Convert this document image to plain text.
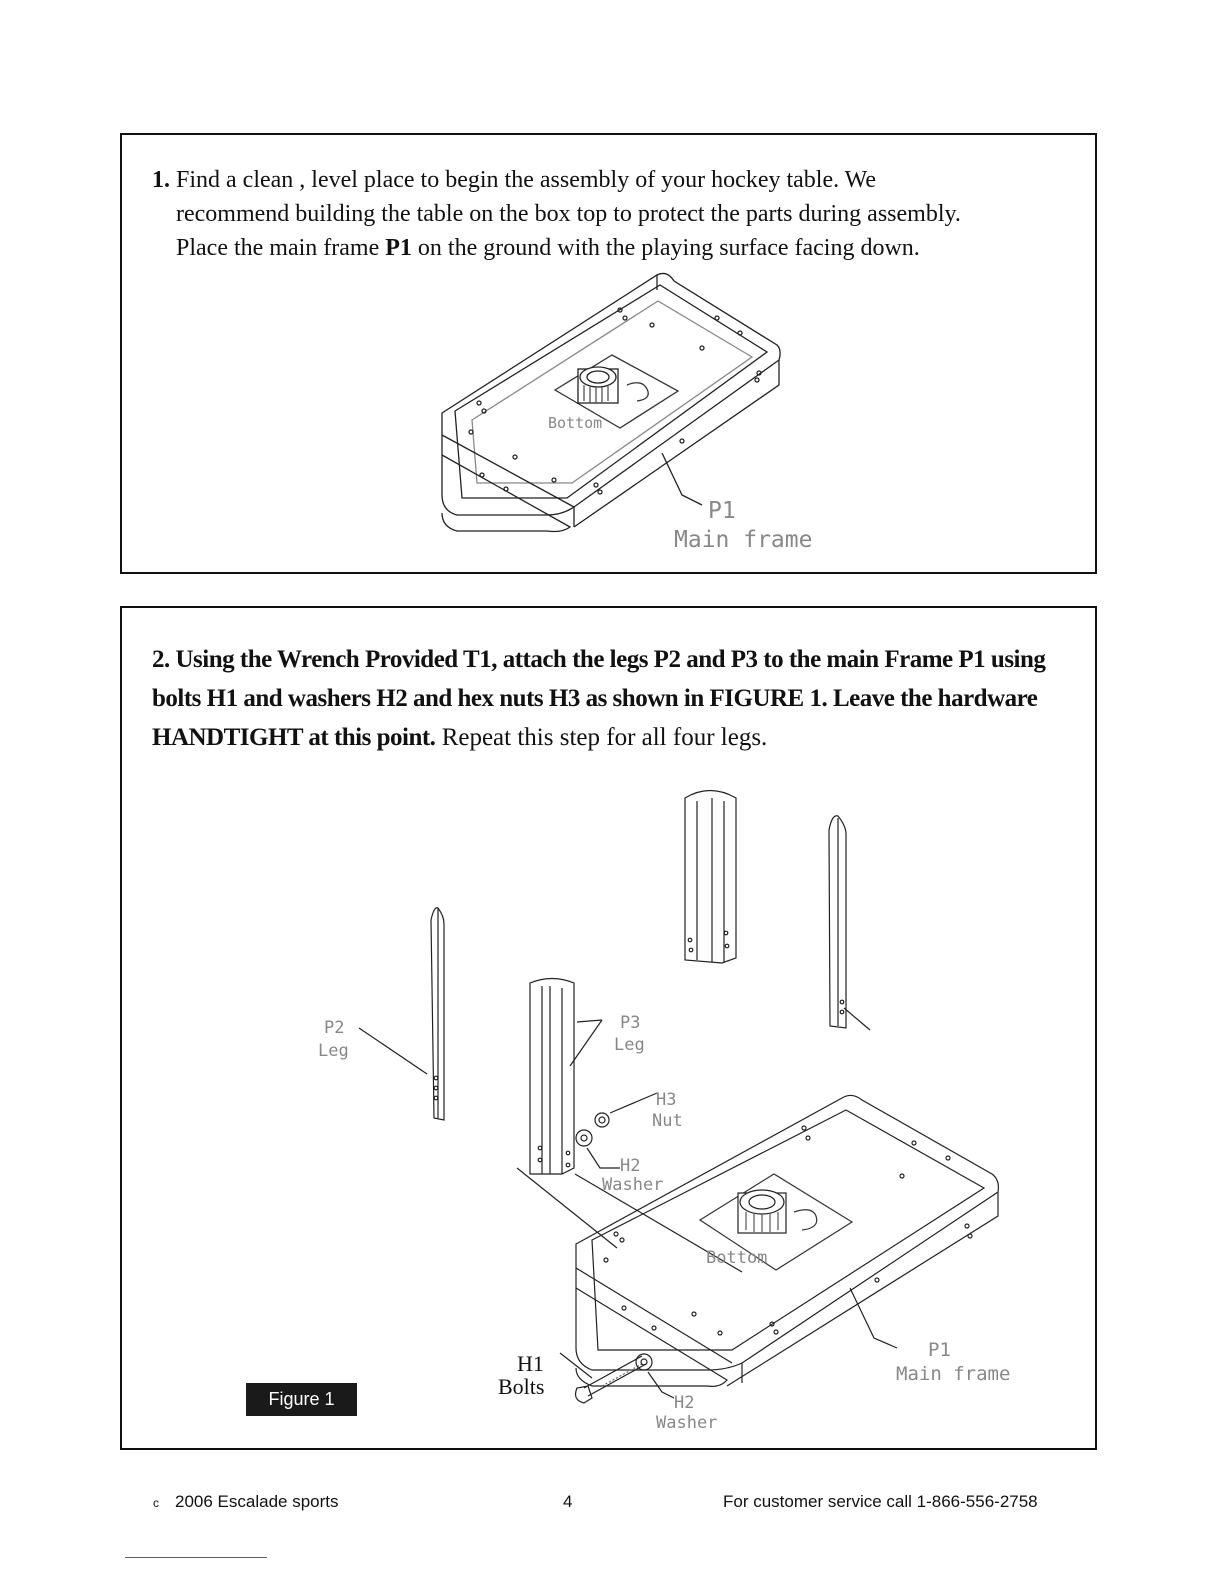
1. Find a clean , level place to begin the assembly of your hockey table. We
recommend building the table on the box top to protect the parts during assembly.
Place the main frame P1 on the ground with the playing surface facing down.
Bottom
P1
Main frame
2. Using the Wrench Provided T1, attach the legs P2 and P3 to the main Frame P1 using bolts H1 and washers H2 and hex nuts H3 as shown in FIGURE 1. Leave the hardware HANDTIGHT at this point. Repeat this step for all four legs.
P2
Leg
P3
Leg
H3
Nut
H2
Washer
Bottom
P1
Main frame
H1
Bolts
H2
Washer
Figure 1
c 2006 Escalade sports	4	For customer service call 1-866-556-2758
